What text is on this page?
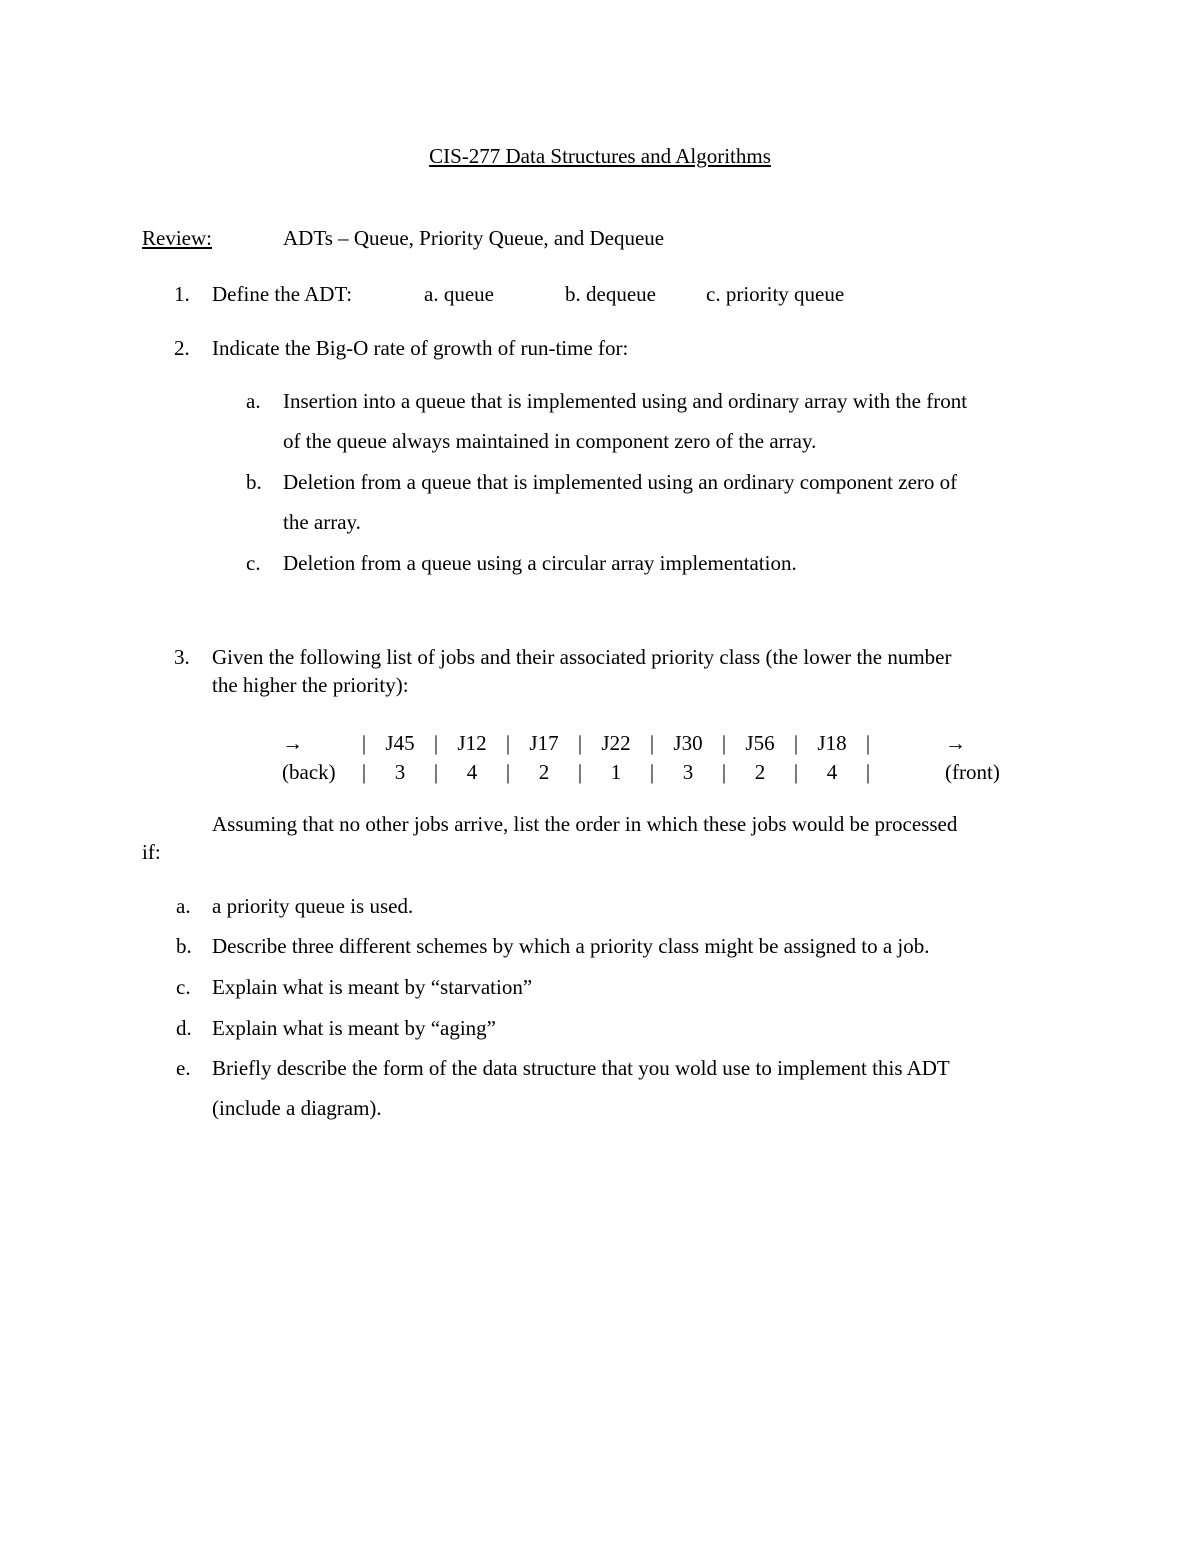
CIS-277 Data Structures and Algorithms
Review:	ADTs – Queue, Priority Queue, and Dequeue
1. Define the ADT:	a. queue	b. dequeue c. priority queue
2. Indicate the Big-O rate of growth of run-time for:
a. Insertion into a queue that is implemented using and ordinary array with the front
of the queue always maintained in component zero of the array.
b. Deletion from a queue that is implemented using an ordinary component zero of
the array.
c. Deletion from a queue using a circular array implementation.
3. Given the following list of jobs and their associated priority class (the lower the number
the higher the priority):
→	|	J45	|	J12	|	J17	|	J22	|	J30	|	J56	|	J18	|		→
(back)	|	3	|	4	|	2	|	1	|	3	|	2	|	4	|		(front)
Assuming that no other jobs arrive, list the order in which these jobs would be processed
if:
a. a priority queue is used.
b. Describe three different schemes by which a priority class might be assigned to a job.
c. Explain what is meant by “starvation”
d. Explain what is meant by “aging”
e. Briefly describe the form of the data structure that you wold use to implement this ADT
(include a diagram).
